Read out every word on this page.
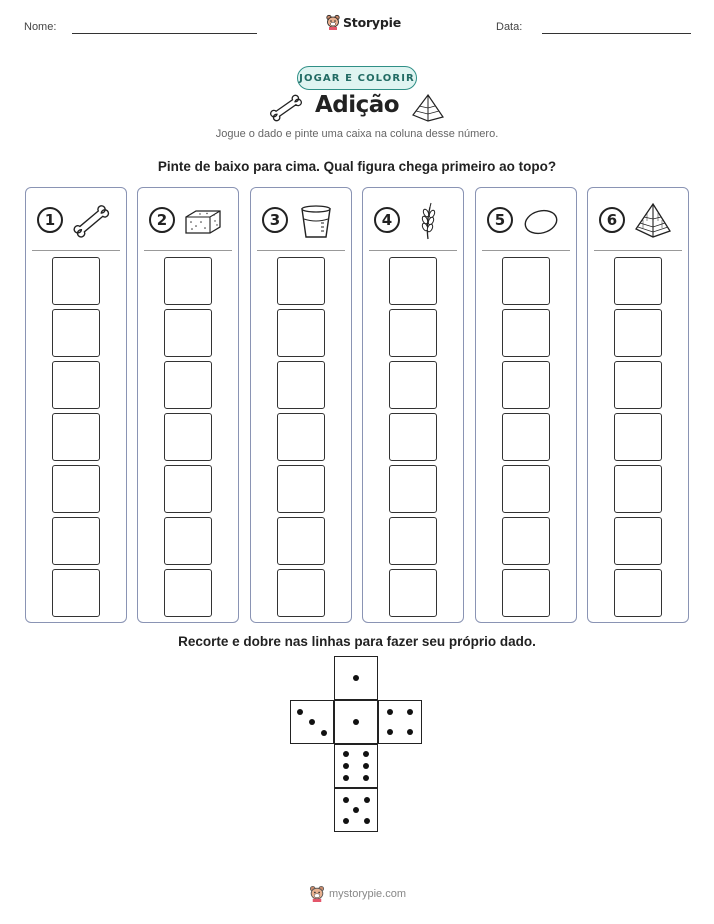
Nome:	Storypie	Data:
JOGAR E COLORIR
Adição
Jogue o dado e pinte uma caixa na coluna desse número.
Pinte de baixo para cima. Qual figura chega primeiro ao topo?
1	2	3	4	5	6
Recorte e dobre nas linhas para fazer seu próprio dado.
mystorypie.com
